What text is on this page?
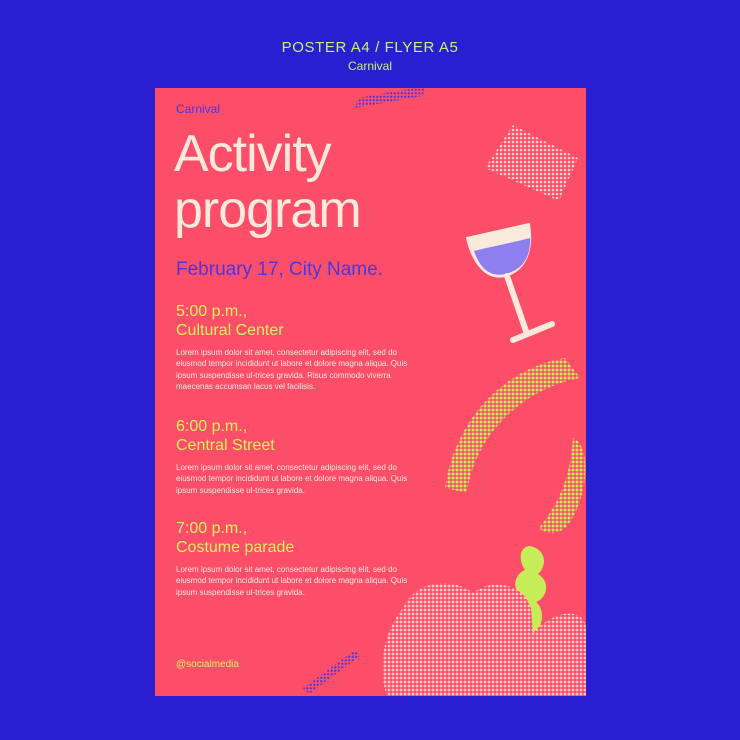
POSTER A4 / FLYER A5
Carnival
Carnival
Activity
program
February 17, City Name.
5:00 p.m.,
Cultural Center
Lorem ipsum dolor sit amet, consectetur adipiscing elit, sed do eiusmod tempor incididunt ut labore et dolore magna aliqua. Quis ipsum suspendisse ul-trices gravida. Risus commodo viverra maecenas accumsan lacus vel facilisis.
6:00 p.m.,
Central Street
Lorem ipsum dolor sit amet, consectetur adipiscing elit, sed do eiusmod tempor incididunt ut labore et dolore magna aliqua. Quis ipsum suspendisse ul-trices gravida.
7:00 p.m.,
Costume parade
Lorem ipsum dolor sit amet, consectetur adipiscing elit, sed do eiusmod tempor incididunt ut labore et dolore magna aliqua. Quis ipsum suspendisse ul-trices gravida.
@socialmedia
